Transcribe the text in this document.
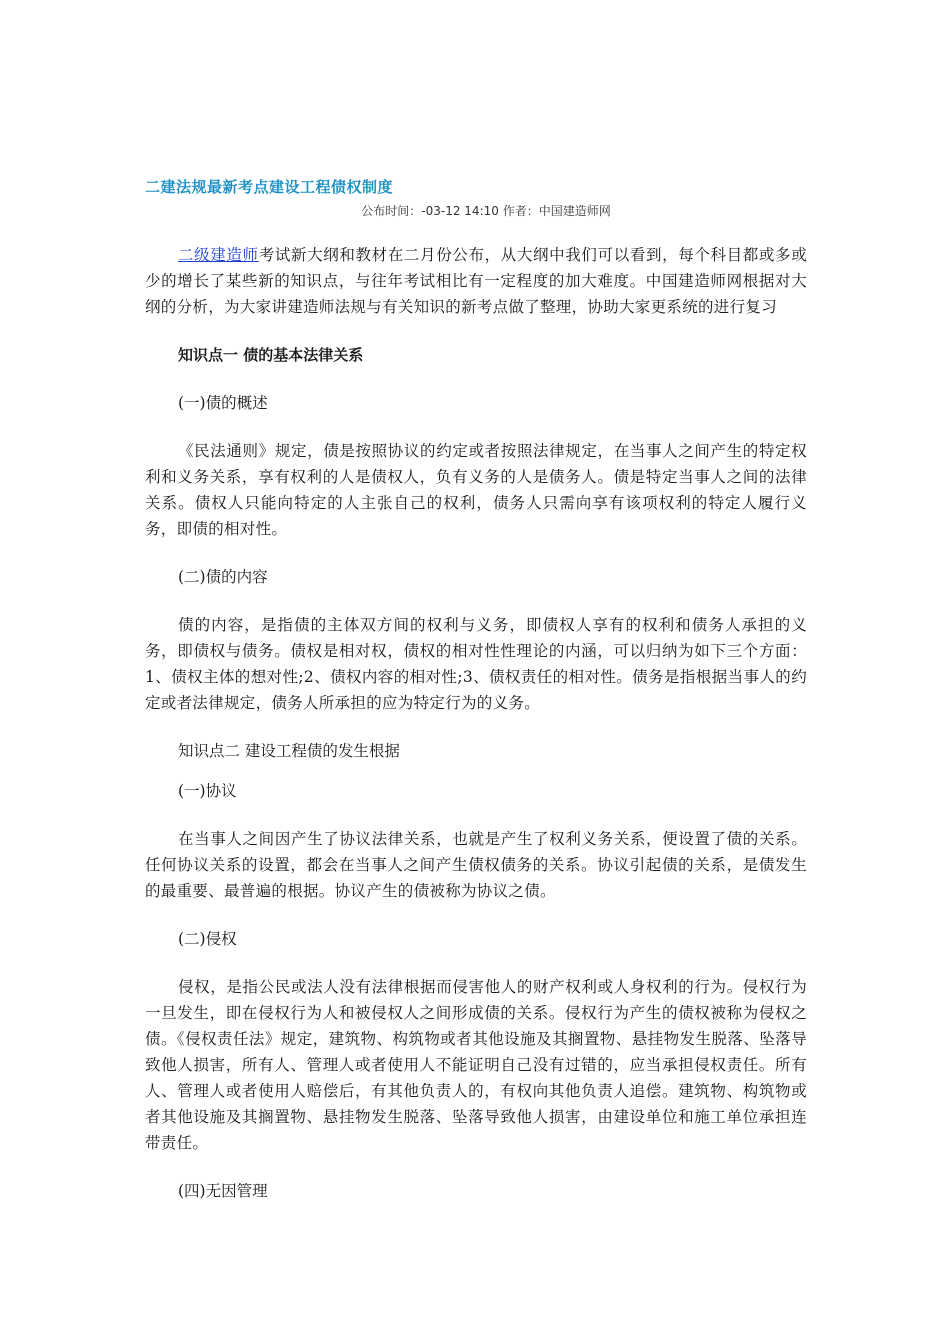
二建法规最新考点建设工程债权制度
公布时间：-03-12 14:10 作者：中国建造师网

二级建造师考试新大纲和教材在二月份公布，从大纲中我们可以看到，每个科目都或多或少的增长了某些新的知识点，与往年考试相比有一定程度的加大难度。中国建造师网根据对大纲的分析，为大家讲建造师法规与有关知识的新考点做了整理，协助大家更系统的进行复习

知识点一 债的基本法律关系

(一)债的概述

《民法通则》规定，债是按照协议的约定或者按照法律规定，在当事人之间产生的特定权利和义务关系，享有权利的人是债权人，负有义务的人是债务人。债是特定当事人之间的法律关系。债权人只能向特定的人主张自己的权利，债务人只需向享有该项权利的特定人履行义务，即债的相对性。

(二)债的内容

债的内容，是指债的主体双方间的权利与义务，即债权人享有的权利和债务人承担的义务，即债权与债务。债权是相对权，债权的相对性性理论的内涵，可以归纳为如下三个方面：1、债权主体的想对性;2、债权内容的相对性;3、债权责任的相对性。债务是指根据当事人的约定或者法律规定，债务人所承担的应为特定行为的义务。

知识点二 建设工程债的发生根据

(一)协议

在当事人之间因产生了协议法律关系，也就是产生了权利义务关系，便设置了债的关系。任何协议关系的设置，都会在当事人之间产生债权债务的关系。协议引起债的关系，是债发生的最重要、最普遍的根据。协议产生的债被称为协议之债。

(二)侵权

侵权，是指公民或法人没有法律根据而侵害他人的财产权利或人身权利的行为。侵权行为一旦发生，即在侵权行为人和被侵权人之间形成债的关系。侵权行为产生的债权被称为侵权之债。《侵权责任法》规定，建筑物、构筑物或者其他设施及其搁置物、悬挂物发生脱落、坠落导致他人损害，所有人、管理人或者使用人不能证明自己没有过错的，应当承担侵权责任。所有人、管理人或者使用人赔偿后，有其他负责人的，有权向其他负责人追偿。建筑物、构筑物或者其他设施及其搁置物、悬挂物发生脱落、坠落导致他人损害，由建设单位和施工单位承担连带责任。

(四)无因管理
